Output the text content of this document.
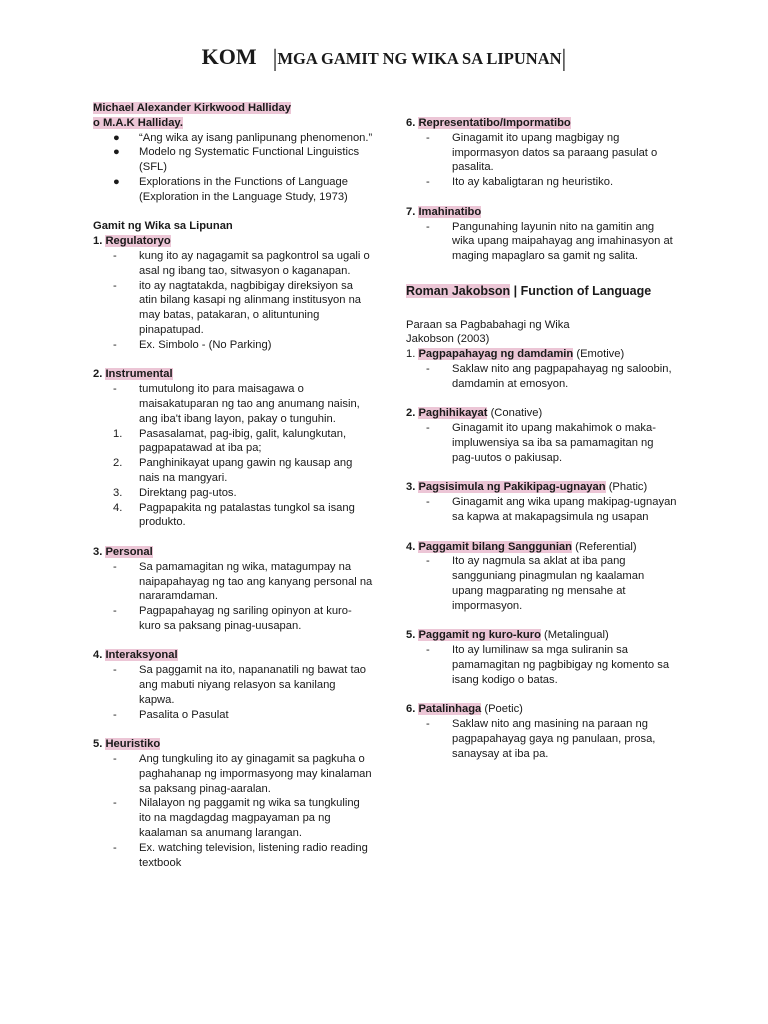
KOM |MGA GAMIT NG WIKA SA LIPUNAN|
Michael Alexander Kirkwood Halliday
o M.A.K Halliday.
● “Ang wika ay isang panlipunang phenomenon.”
● Modelo ng Systematic Functional Linguistics (SFL)
● Explorations in the Functions of Language (Exploration in the Language Study, 1973)
Gamit ng Wika sa Lipunan
1. Regulatoryo
- kung ito ay nagagamit sa pagkontrol sa ugali o asal ng ibang tao, sitwasyon o kaganapan.
- ito ay nagtatakda, nagbibigay direksiyon sa atin bilang kasapi ng alinmang institusyon na may batas, patakaran, o alituntuning pinapatupad.
- Ex. Simbolo - (No Parking)
2. Instrumental
- tumutulong ito para maisagawa o maisakatuparan ng tao ang anumang naisin, ang iba't ibang layon, pakay o tunguhin.
1. Pasasalamat, pag-ibig, galit, kalungkutan, pagpapatawad at iba pa;
2. Panghinikayat upang gawin ng kausap ang nais na mangyari.
3. Direktang pag-utos.
4. Pagpapakita ng patalastas tungkol sa isang produkto.
3. Personal
- Sa pamamagitan ng wika, matagumpay na naipapahayag ng tao ang kanyang personal na nararamdaman.
- Pagpapahayag ng sariling opinyon at kuro-kuro sa paksang pinag-uusapan.
4. Interaksyonal
- Sa paggamit na ito, napananatili ng bawat tao ang mabuti niyang relasyon sa kanilang kapwa.
- Pasalita o Pasulat
5. Heuristiko
- Ang tungkuling ito ay ginagamit sa pagkuha o paghahanap ng impormasyong may kinalaman sa paksang pinag-aaralan.
- Nilalayon ng paggamit ng wika sa tungkuling ito na magdagdag magpayaman pa ng kaalaman sa anumang larangan.
- Ex. watching television, listening radio reading textbook
6. Representatibo/Impormatibo
- Ginagamit ito upang magbigay ng impormasyon datos sa paraang pasulat o pasalita.
- Ito ay kabaligtaran ng heuristiko.
7. Imahinatibo
- Pangunahing layunin nito na gamitin ang wika upang maipahayag ang imahinasyon at maging mapaglaro sa gamit ng salita.
Roman Jakobson | Function of Language
Paraan sa Pagbabahagi ng Wika Jakobson (2003)
1. Pagpapahayag ng damdamin (Emotive)
- Saklaw nito ang pagpapahayag ng saloobin, damdamin at emosyon.
2. Paghihikayat (Conative)
- Ginagamit ito upang makahimok o maka-impluwensiya sa iba sa pamamagitan ng pag-uutos o pakiusap.
3. Pagsisimula ng Pakikipag-ugnayan (Phatic)
- Ginagamit ang wika upang makipag-ugnayan sa kapwa at makapagsimula ng usapan
4. Paggamit bilang Sanggunian (Referential)
- Ito ay nagmula sa aklat at iba pang sangguniang pinagmulan ng kaalaman upang magparating ng mensahe at impormasyon.
5. Paggamit ng kuro-kuro (Metalingual)
- Ito ay lumilinaw sa mga suliranin sa pamamagitan ng pagbibigay ng komento sa isang kodigo o batas.
6. Patalinhaga (Poetic)
- Saklaw nito ang masining na paraan ng pagpapahayag gaya ng panulaan, prosa, sanaysay at iba pa.
